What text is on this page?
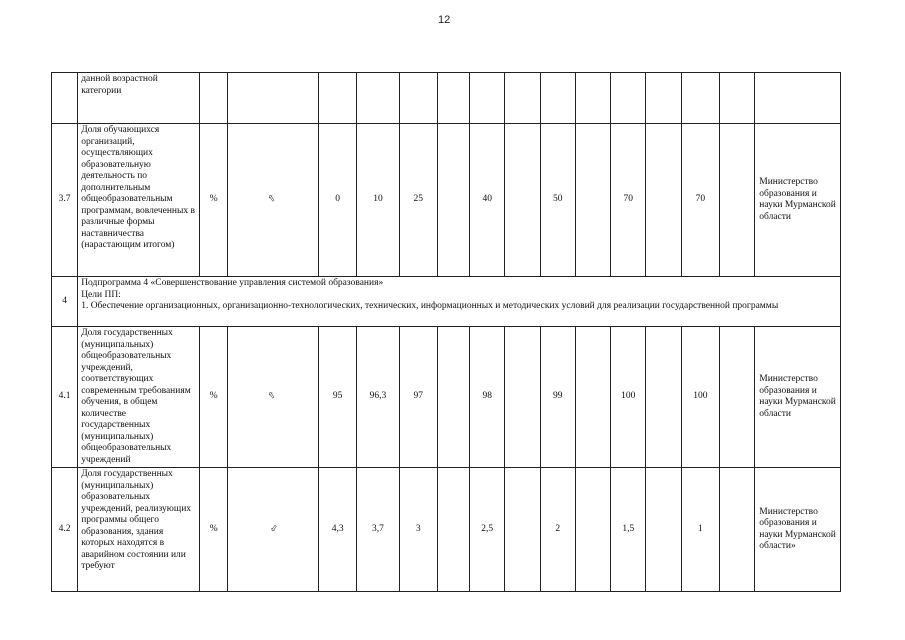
12
	данной возрастной категории															
3.7	Доля обучающихся организаций, осуществляющих образовательную деятельность по дополнительным общеобразовательным программам, вовлеченных в различные формы наставничества (нарастающим итогом)	%	⇧	0	10	25		40		50		70		70		Министерство образования и науки Мурманской области
4	Подпрограмма 4 «Совершенствование управления системой образования»
Цели ПП:
1. Обеспечение организационных, организационно-технологических, технических, информационных и методических условий для реализации государственной программы															

4.1	Доля государственных (муниципальных) общеобразовательных учреждений, соответствующих современным требованиям обучения, в общем количестве государственных (муниципальных) общеобразовательных учреждений	%	⇧	95	96,3	97		98		99		100		100		Министерство образования и науки Мурманской области
4.2	Доля государственных (муниципальных) образовательных учреждений, реализующих программы общего образования, здания которых находятся в аварийном состоянии или требуют	%	⇩	4,3	3,7	3		2,5		2		1,5		1		Министерство образования и науки Мурманской области»
